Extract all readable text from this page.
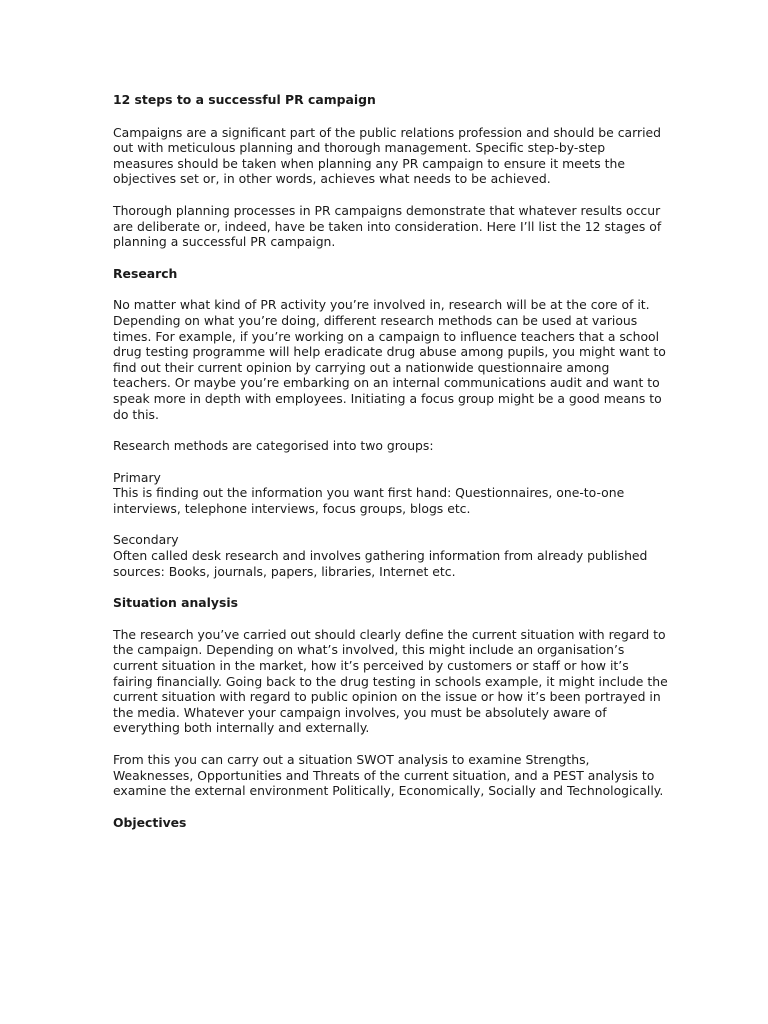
12 steps to a successful PR campaign

Campaigns are a significant part of the public relations profession and should be carried out with meticulous planning and thorough management. Specific step-by-step measures should be taken when planning any PR campaign to ensure it meets the objectives set or, in other words, achieves what needs to be achieved.

Thorough planning processes in PR campaigns demonstrate that whatever results occur are deliberate or, indeed, have be taken into consideration. Here I’ll list the 12 stages of planning a successful PR campaign.

Research

No matter what kind of PR activity you’re involved in, research will be at the core of it. Depending on what you’re doing, different research methods can be used at various times. For example, if you’re working on a campaign to influence teachers that a school drug testing programme will help eradicate drug abuse among pupils, you might want to find out their current opinion by carrying out a nationwide questionnaire among teachers. Or maybe you’re embarking on an internal communications audit and want to speak more in depth with employees. Initiating a focus group might be a good means to do this.

Research methods are categorised into two groups:

Primary
This is finding out the information you want first hand: Questionnaires, one-to-one interviews, telephone interviews, focus groups, blogs etc.
Secondary
Often called desk research and involves gathering information from already published sources: Books, journals, papers, libraries, Internet etc.
Situation analysis

The research you’ve carried out should clearly define the current situation with regard to the campaign. Depending on what’s involved, this might include an organisation’s current situation in the market, how it’s perceived by customers or staff or how it’s fairing financially. Going back to the drug testing in schools example, it might include the current situation with regard to public opinion on the issue or how it’s been portrayed in the media. Whatever your campaign involves, you must be absolutely aware of everything both internally and externally.

From this you can carry out a situation SWOT analysis to examine Strengths, Weaknesses, Opportunities and Threats of the current situation, and a PEST analysis to examine the external environment Politically, Economically, Socially and Technologically.

Objectives
